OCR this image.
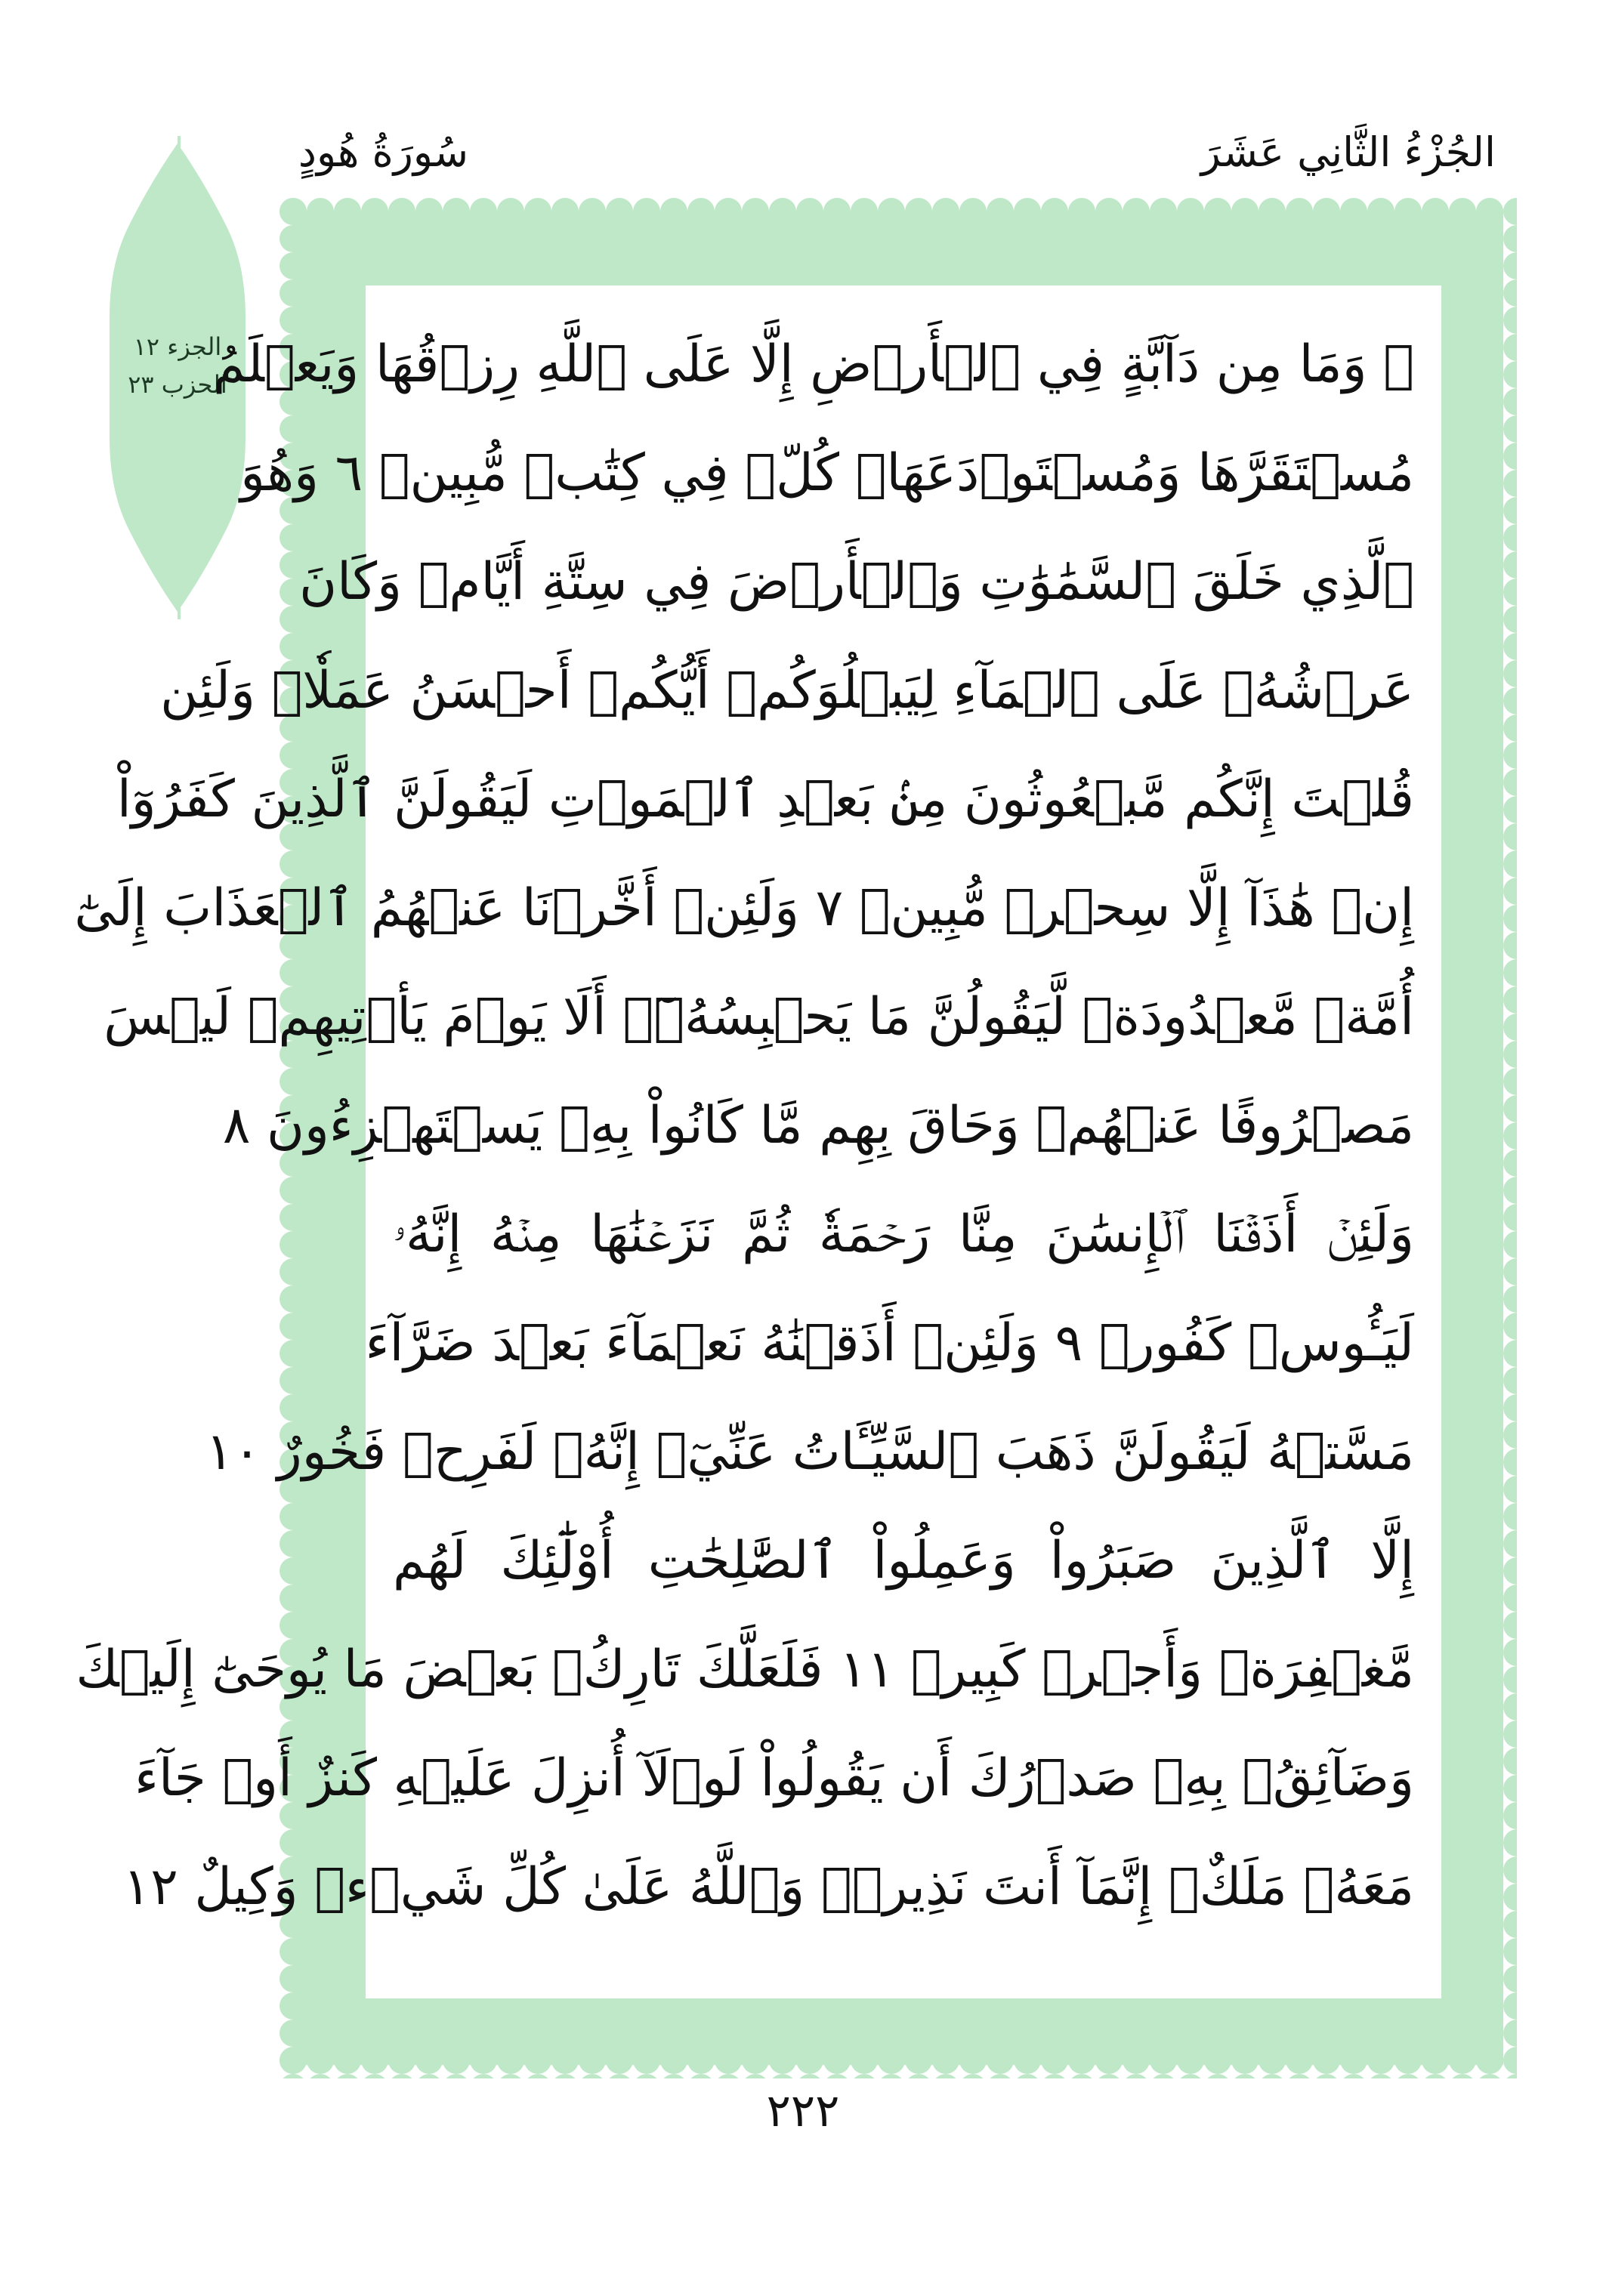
الجُزْءُ الثَّانِي عَشَرَ
سُورَةُ هُودٍ
الجزء ١٢
الحزب ٢٣
۞ وَمَا مِن دَآبَّةٍ فِي ٱلۡأَرۡضِ إِلَّا عَلَى ٱللَّهِ رِزۡقُهَا وَيَعۡلَمُ
مُسۡتَقَرَّهَا وَمُسۡتَوۡدَعَهَاۚ كُلّٞ فِي كِتَٰبٖ مُّبِينٖ ٦ وَهُوَ
ٱلَّذِي خَلَقَ ٱلسَّمَٰوَٰتِ وَٱلۡأَرۡضَ فِي سِتَّةِ أَيَّامٖ وَكَانَ
عَرۡشُهُۥ عَلَى ٱلۡمَآءِ لِيَبۡلُوَكُمۡ أَيُّكُمۡ أَحۡسَنُ عَمَلٗاۗ وَلَئِن
قُلۡتَ إِنَّكُم مَّبۡعُوثُونَ مِنۢ بَعۡدِ ٱلۡمَوۡتِ لَيَقُولَنَّ ٱلَّذِينَ كَفَرُوٓاْ
إِنۡ هَٰذَآ إِلَّا سِحۡرٞ مُّبِينٞ ٧ وَلَئِنۡ أَخَّرۡنَا عَنۡهُمُ ٱلۡعَذَابَ إِلَىٰٓ
أُمَّةٖ مَّعۡدُودَةٖ لَّيَقُولُنَّ مَا يَحۡبِسُهُۥٓۗ أَلَا يَوۡمَ يَأۡتِيهِمۡ لَيۡسَ
مَصۡرُوفًا عَنۡهُمۡ وَحَاقَ بِهِم مَّا كَانُواْ بِهِۦ يَسۡتَهۡزِءُونَ ٨
وَلَئِنۡ أَذَقۡنَا ٱلۡإِنسَٰنَ مِنَّا رَحۡمَةٗ ثُمَّ نَزَعۡنَٰهَا مِنۡهُ إِنَّهُۥ
لَيَـُٔوسٞ كَفُورٞ ٩ وَلَئِنۡ أَذَقۡنَٰهُ نَعۡمَآءَ بَعۡدَ ضَرَّآءَ
مَسَّتۡهُ لَيَقُولَنَّ ذَهَبَ ٱلسَّيِّـَٔاتُ عَنِّيٓۚ إِنَّهُۥ لَفَرِحٞ فَخُورٌ ١٠
إِلَّا ٱلَّذِينَ صَبَرُواْ وَعَمِلُواْ ٱلصَّٰلِحَٰتِ أُوْلَٰٓئِكَ لَهُم
مَّغۡفِرَةٞ وَأَجۡرٞ كَبِيرٞ ١١ فَلَعَلَّكَ تَارِكُۢ بَعۡضَ مَا يُوحَىٰٓ إِلَيۡكَ
وَضَآئِقُۢ بِهِۦ صَدۡرُكَ أَن يَقُولُواْ لَوۡلَآ أُنزِلَ عَلَيۡهِ كَنزٌ أَوۡ جَآءَ
مَعَهُۥ مَلَكٌۚ إِنَّمَآ أَنتَ نَذِيرٞۚ وَٱللَّهُ عَلَىٰ كُلِّ شَيۡءٖ وَكِيلٌ ١٢
٢٢٢
